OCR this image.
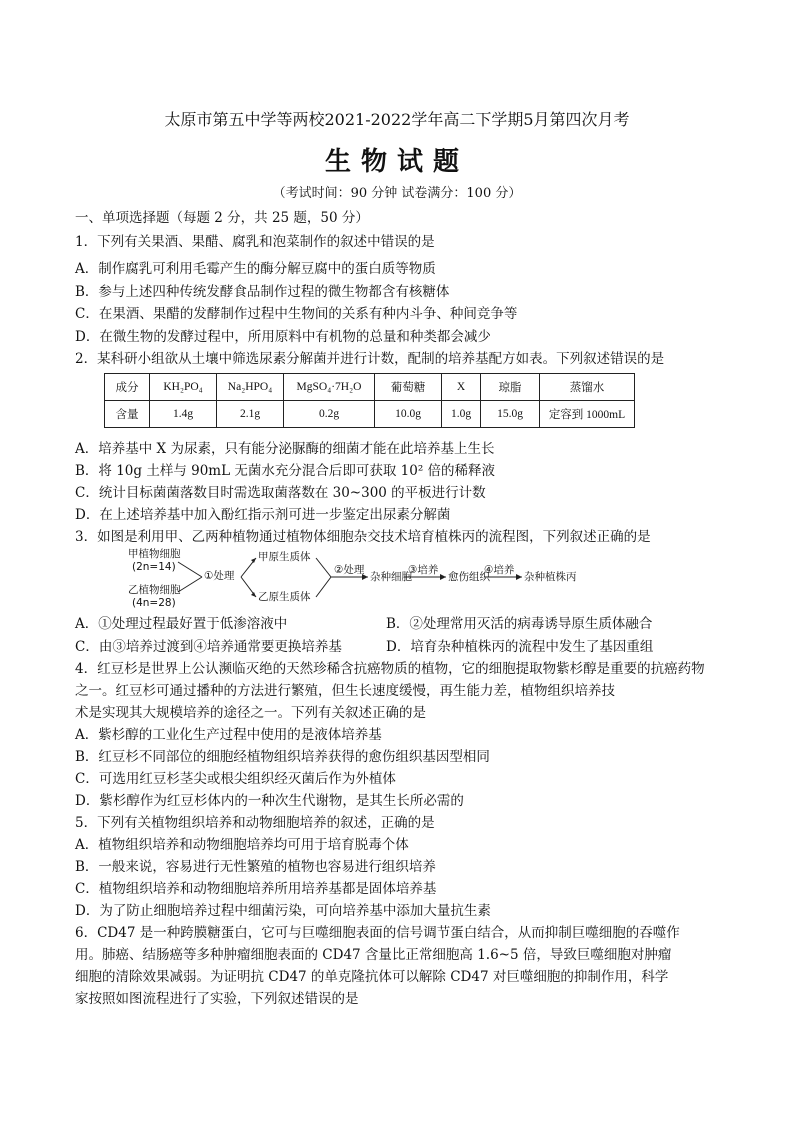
太原市第五中学等两校2021-2022学年高二下学期5月第四次月考
生物试题
（考试时间：90 分钟 试卷满分：100 分）
一、单项选择题（每题 2 分，共 25 题，50 分）
1．下列有关果酒、果醋、腐乳和泡菜制作的叙述中错误的是
A．制作腐乳可利用毛霉产生的酶分解豆腐中的蛋白质等物质
B．参与上述四种传统发酵食品制作过程的微生物都含有核糖体
C．在果酒、果醋的发酵制作过程中生物间的关系有种内斗争、种间竞争等
D．在微生物的发酵过程中，所用原料中有机物的总量和种类都会减少
2．某科研小组欲从土壤中筛选尿素分解菌并进行计数，配制的培养基配方如表。下列叙述错误的是
成分	KH₂PO₄	Na₂HPO₄	MgSO₄·7H₂O	葡萄糖	X	琼脂	蒸馏水
含量	1.4g	2.1g	0.2g	10.0g	1.0g	15.0g	定容到 1000mL
A．培养基中 X 为尿素，只有能分泌脲酶的细菌才能在此培养基上生长
B．将 10g 土样与 90mL 无菌水充分混合后即可获取 10² 倍的稀释液
C．统计目标菌菌落数目时需选取菌落数在 30~300 的平板进行计数
D．在上述培养基中加入酚红指示剂可进一步鉴定出尿素分解菌
3．如图是利用甲、乙两种植物通过植物体细胞杂交技术培育植株丙的流程图，下列叙述正确的是
甲植物细胞
(2n=14)
乙植物细胞
(4n=28)
①处理
甲原生质体
乙原生质体
②处理
杂种细胞
③培养
愈伤组织
④培养
杂种植株丙
A．①处理过程最好置于低渗溶液中	B．②处理常用灭活的病毒诱导原生质体融合
C．由③培养过渡到④培养通常要更换培养基	D．培育杂种植株丙的流程中发生了基因重组
4．红豆杉是世界上公认濒临灭绝的天然珍稀含抗癌物质的植物，它的细胞提取物紫杉醇是重要的抗癌药物
之一。红豆杉可通过播种的方法进行繁殖，但生长速度缓慢，再生能力差，植物组织培养技
术是实现其大规模培养的途径之一。下列有关叙述正确的是
A．紫杉醇的工业化生产过程中使用的是液体培养基
B．红豆杉不同部位的细胞经植物组织培养获得的愈伤组织基因型相同
C．可选用红豆杉茎尖或根尖组织经灭菌后作为外植体
D．紫杉醇作为红豆杉体内的一种次生代谢物，是其生长所必需的
5．下列有关植物组织培养和动物细胞培养的叙述，正确的是
A．植物组织培养和动物细胞培养均可用于培育脱毒个体
B．一般来说，容易进行无性繁殖的植物也容易进行组织培养
C．植物组织培养和动物细胞培养所用培养基都是固体培养基
D．为了防止细胞培养过程中细菌污染，可向培养基中添加大量抗生素
6．CD47 是一种跨膜糖蛋白，它可与巨噬细胞表面的信号调节蛋白结合，从而抑制巨噬细胞的吞噬作
用。肺癌、结肠癌等多种肿瘤细胞表面的 CD47 含量比正常细胞高 1.6~5 倍，导致巨噬细胞对肿瘤
细胞的清除效果减弱。为证明抗 CD47 的单克隆抗体可以解除 CD47 对巨噬细胞的抑制作用，科学
家按照如图流程进行了实验，下列叙述错误的是
